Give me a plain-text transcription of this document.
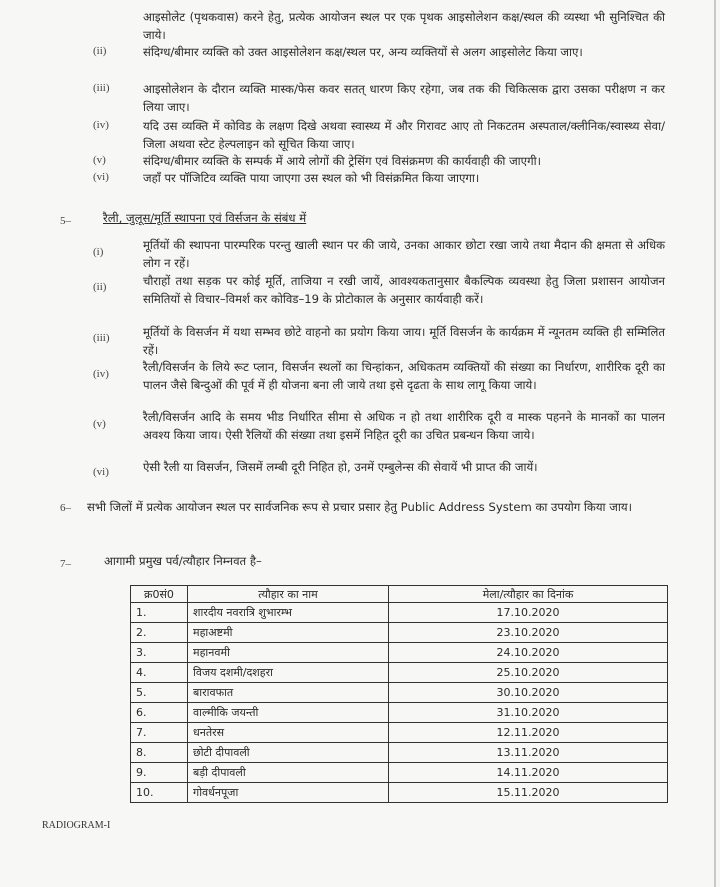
आइसोलेट (पृथकवास) करने हेतु, प्रत्येक आयोजन स्थल पर एक पृथक आइसोलेशन कक्ष/स्थल की व्यस्था भी सुनिश्चित की जाये।
(ii)	संदिग्ध/बीमार व्यक्ति को उक्त आइसोलेशन कक्ष/स्थल पर, अन्य व्यक्तियों से अलग आइसोलेट किया जाए।
(iii)	आइसोलेशन के दौरान व्यक्ति मास्क/फेस कवर सतत् धारण किए रहेगा, जब तक की चिकित्सक द्वारा उसका परीक्षण न कर लिया जाए।
(iv)	यदि उस व्यक्ति में कोविड के लक्षण दिखे अथवा स्वास्थ्य में और गिरावट आए तो निकटतम अस्पताल/क्लीनिक/स्वास्थ्य सेवा/जिला अथवा स्टेट हेल्पलाइन को सूचित किया जाए।
(v)	संदिग्ध/बीमार व्यक्ति के सम्पर्क में आये लोगों की ट्रेसिंग एवं विसंक्रमण की कार्यवाही की जाएगी।
(vi)	जहाँ पर पॉजिटिव व्यक्ति पाया जाएगा उस स्थल को भी विसंक्रमित किया जाएगा।
5–	रैली, जुलूस/मूर्ति स्थापना एवं विर्सजन के संबंध में
(i)	मूर्तियों की स्थापना पारम्परिक परन्तु खाली स्थान पर की जाये, उनका आकार छोटा रखा जाये तथा मैदान की क्षमता से अधिक लोग न रहें।
(ii)	चौराहों तथा सड़क पर कोई मूर्ति, ताजिया न रखी जायें, आवश्यकतानुसार बैकल्पिक व्यवस्था हेतु जिला प्रशासन आयोजन समितियों से विचार–विमर्श कर कोविड–19 के प्रोटोकाल के अनुसार कार्यवाही करें।
(iii)	मूर्तियों के विसर्जन में यथा सम्भव छोटे वाहनो का प्रयोग किया जाय। मूर्ति विसर्जन के कार्यक्रम में न्यूनतम व्यक्ति ही सम्मिलित रहें।
(iv)	रैली/विसर्जन के लिये रूट प्लान, विसर्जन स्थलों का चिन्हांकन, अधिकतम व्यक्तियों की संख्या का निर्धारण, शारीरिक दूरी का पालन जैसे बिन्दुओं की पूर्व में ही योजना बना ली जाये तथा इसे दृढता के साथ लागू किया जाये।
(v)	रैली/विसर्जन आदि के समय भीड निर्धारित सीमा से अधिक न हो तथा शारीरिक दूरी व मास्क पहनने के मानकों का पालन अवश्य किया जाय। ऐसी रैलियों की संख्या तथा इसमें निहित दूरी का उचित प्रबन्धन किया जाये।
(vi)	ऐसी रैली या विसर्जन, जिसमें लम्बी दूरी निहित हो, उनमें एम्बुलेन्स की सेवायें भी प्राप्त की जायें।
6– सभी जिलों में प्रत्येक आयोजन स्थल पर सार्वजनिक रूप से प्रचार प्रसार हेतु Public Address System का उपयोग किया जाय।
7–	आगामी प्रमुख पर्व/त्यौहार निम्नवत है–
क्र0सं0	त्यौहार का नाम	मेला/त्यौहार का दिनांक
1.	शारदीय नवरात्रि शुभारम्भ	17.10.2020
2.	महाअष्टमी	23.10.2020
3.	महानवमी	24.10.2020
4.	विजय दशमी/दशहरा	25.10.2020
5.	बारावफात	30.10.2020
6.	वाल्मीकि जयन्ती	31.10.2020
7.	धनतेरस	12.11.2020
8.	छोटी दीपावली	13.11.2020
9.	बड़ी दीपावली	14.11.2020
10.	गोवर्धनपूजा	15.11.2020
RADIOGRAM-I
